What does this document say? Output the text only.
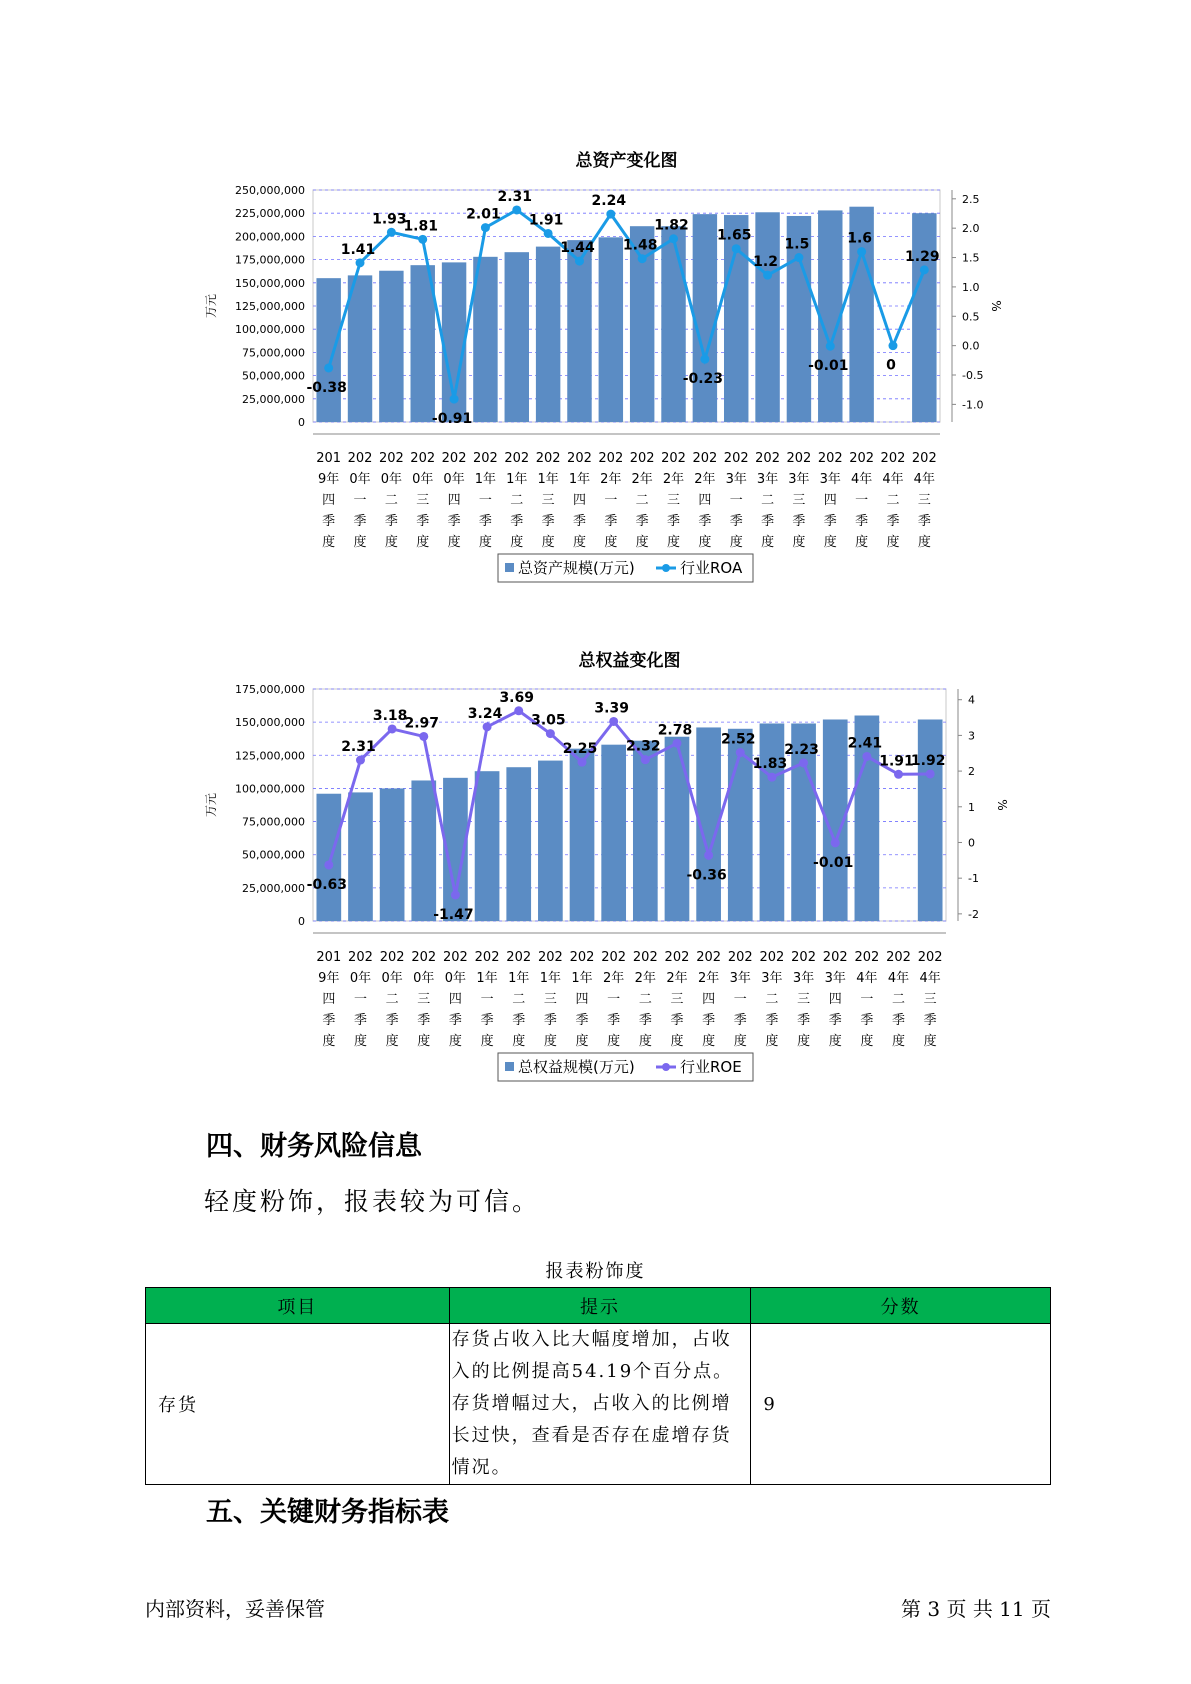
总资产变化图
0
25,000,000
50,000,000
75,000,000
100,000,000
125,000,000
150,000,000
175,000,000
200,000,000
225,000,000
250,000,000
万元
-1.0
-0.5
0.0
0.5
1.0
1.5
2.0
2.5
%
201
9年
四
季
度
202
0年
一
季
度
202
0年
二
季
度
202
0年
三
季
度
202
0年
四
季
度
202
1年
一
季
度
202
1年
二
季
度
202
1年
三
季
度
202
1年
四
季
度
202
2年
一
季
度
202
2年
二
季
度
202
2年
三
季
度
202
2年
四
季
度
202
3年
一
季
度
202
3年
二
季
度
202
3年
三
季
度
202
3年
四
季
度
202
4年
一
季
度
202
4年
二
季
度
202
4年
三
季
度
-0.38
1.41
1.93
1.81
-0.91
2.01
2.31
1.91
1.44
2.24
1.48
1.82
-0.23
1.65
1.2
1.5
-0.01
1.6
0
1.29
总资产规模(万元)	行业ROA
总权益变化图
0
25,000,000
50,000,000
75,000,000
100,000,000
125,000,000
150,000,000
175,000,000
万元
-2
-1
0
1
2
3
4
%
201
9年
四
季
度
202
0年
一
季
度
202
0年
二
季
度
202
0年
三
季
度
202
0年
四
季
度
202
1年
一
季
度
202
1年
二
季
度
202
1年
三
季
度
202
1年
四
季
度
202
2年
一
季
度
202
2年
二
季
度
202
2年
三
季
度
202
2年
四
季
度
202
3年
一
季
度
202
3年
二
季
度
202
3年
三
季
度
202
3年
四
季
度
202
4年
一
季
度
202
4年
二
季
度
202
4年
三
季
度
-0.63
2.31
3.18
2.97
-1.47
3.24
3.69
3.05
2.25
3.39
2.32
2.78
-0.36
2.52
1.83
2.23
-0.01
2.41
1.91
1.92
总权益规模(万元)	行业ROE
四、财务风险信息

轻度粉饰，报表较为可信。

报表粉饰度
项目	提示	分数
存货	存货占收入比大幅度增加，占收入的比例提高54.19个百分点。存货增幅过大，占收入的比例增长过快，查看是否存在虚增存货情况。	9
五、关键财务指标表
内部资料，妥善保管	第 3 页 共 11 页
